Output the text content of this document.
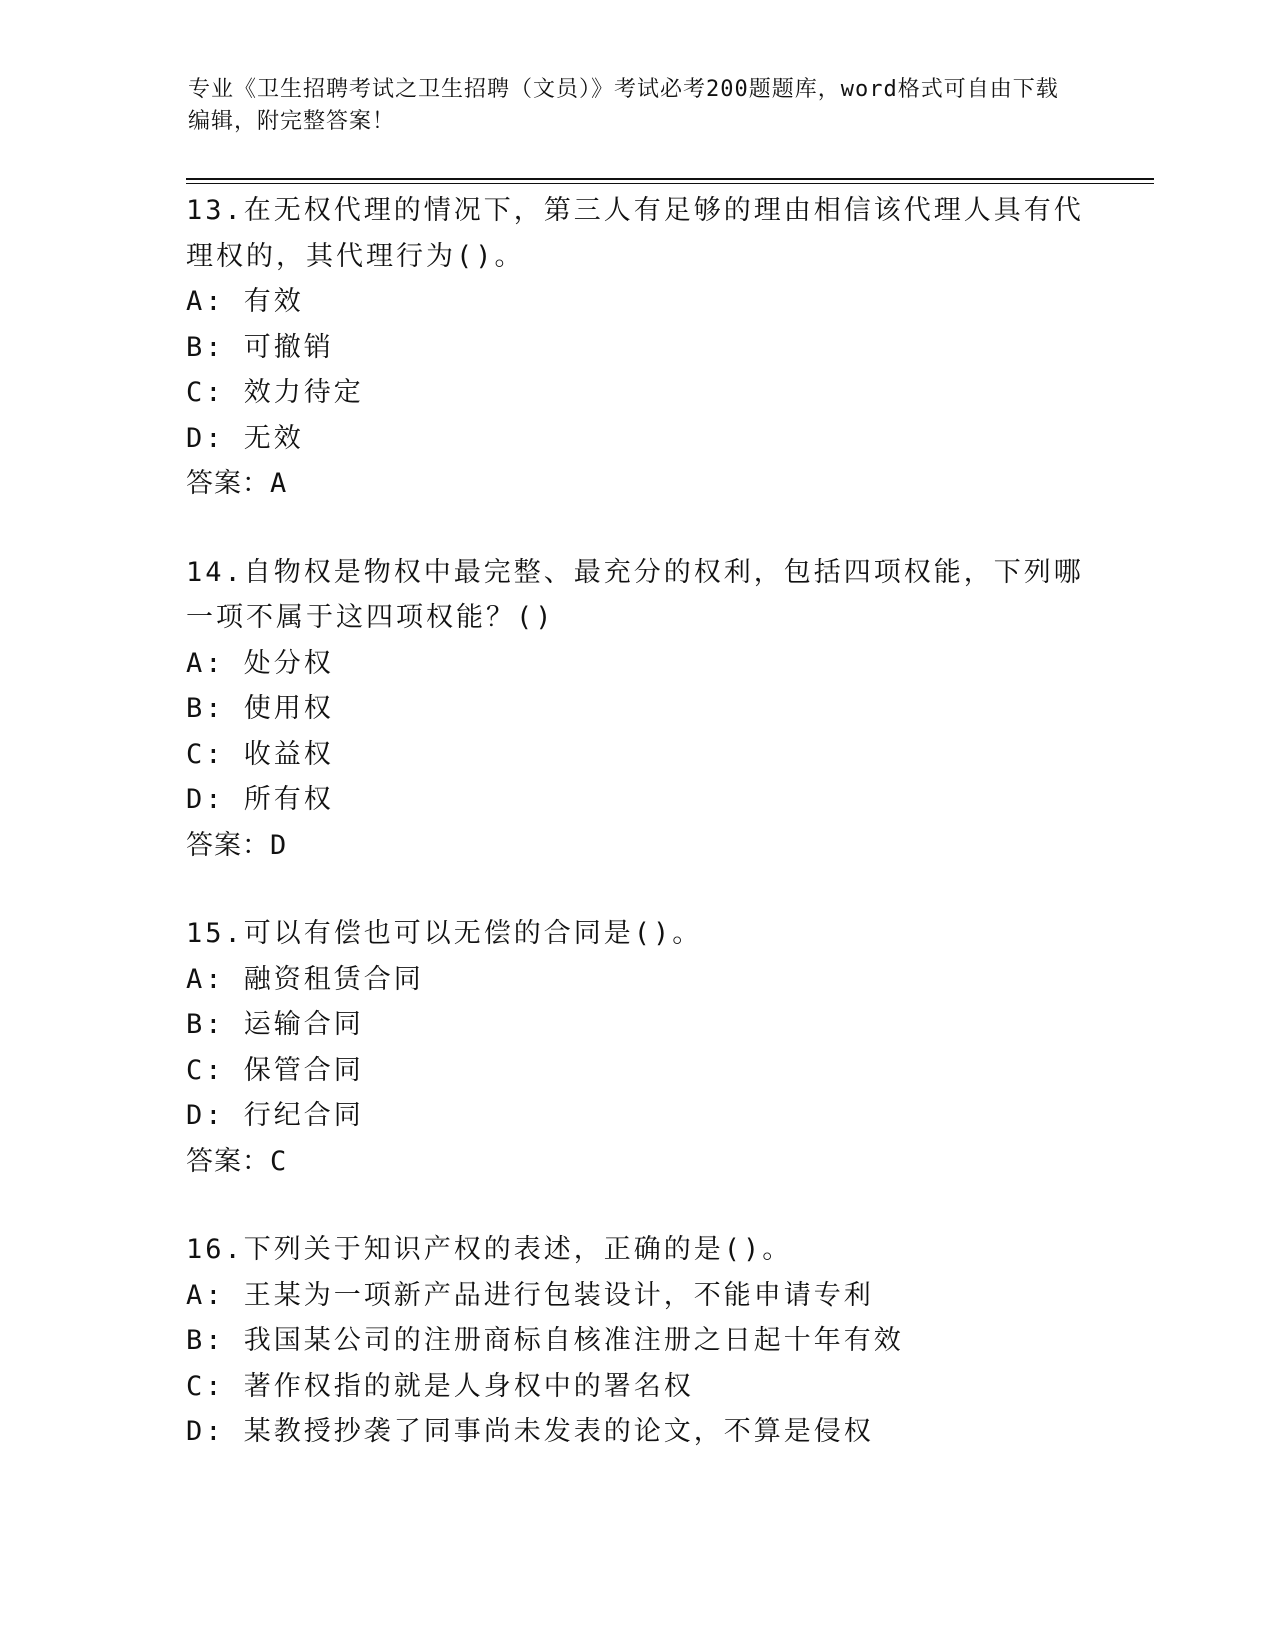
专业《卫生招聘考试之卫生招聘（文员）》考试必考200题题库，word格式可自由下载编辑，附完整答案！
13.在无权代理的情况下，第三人有足够的理由相信该代理人具有代理权的，其代理行为()。
A: 有效
B: 可撤销
C: 效力待定
D: 无效
答案：A
14.自物权是物权中最完整、最充分的权利，包括四项权能，下列哪一项不属于这四项权能？()
A: 处分权
B: 使用权
C: 收益权
D: 所有权
答案：D
15.可以有偿也可以无偿的合同是()。
A: 融资租赁合同
B: 运输合同
C: 保管合同
D: 行纪合同
答案：C
16.下列关于知识产权的表述，正确的是()。
A: 王某为一项新产品进行包装设计，不能申请专利
B: 我国某公司的注册商标自核准注册之日起十年有效
C: 著作权指的就是人身权中的署名权
D: 某教授抄袭了同事尚未发表的论文，不算是侵权
